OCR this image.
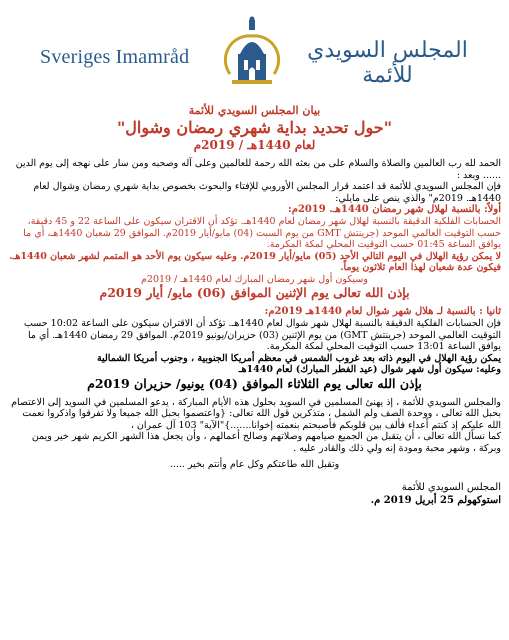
Sveriges Imamråd	المجلس السويدي للأئمة
بيان المجلس السويدي للأئمة
"حول تحديد بداية شهري رمضان وشوال"
لعام 1440هـ / 2019م
الحمد لله رب العالمين والصلاة والسلام على من بعثه الله رحمة للعالمين وعلى آله وصحبه ومن سار على نهجه إلى يوم الدين ...... وبعد :
فإن المجلس السويدي للأئمة قد اعتمد قرار المجلس الأوروبي للإفتاء والبحوث بخصوص بداية شهري رمضان وشوال لعام 1440هـ. 2019م" والذي ينص على مايلي:
أولاً: بالنسبة لهلال شهر رمضان 1440هـ. 2019م:
الحسابات الفلكية الدقيقة بالنسبة لهلال شهر رمضان لعام 1440هـ. تؤكد أن الاقتران سيكون على الساعة 22 و 45 دقيقة، حسب التوقيت العالمي الموحد (جرينتش GMT من يوم السبت (04) مايو/أيار 2019م. الموافق 29 شعبان 1440هـ، أي ما يوافق الساعة 01:45 حسب التوقيت المحلي لمكة المكرمة.
لا يمكن رؤية الهلال في اليوم التالي الأحد (05) مايو/أيار 2019م. وعليه سيكون يوم الأحد هو المتمم لشهر شعبان 1440هـ. فيكون عدة شعبان لهذا العام ثلاثون يوماً.
وسيكون أول شهر رمضان المبارك لعام 1440هـ / 2019م
بإذن الله تعالى يوم الإثنين الموافق (06) مايو/ أيار 2019م
ثانيا : بالنسبة لـ هلال شهر شوال لعام 1440هـ 2019م:
فإن الحسابات الفلكية الدقيقة بالنسبة لهلال شهر شوال لعام 1440هـ. تؤكد أن الاقتران سيكون على الساعة 10:02 حسب التوقيت العالمي الموحد (جرينتش GMT) من يوم الإثنين (03) حزيران/يونيو 2019م. الموافق 29 رمضان 1440هـ. أي ما يوافق الساعة 13:01 حسب التوقيت المحلي لمكة المكرمة.
يمكن رؤية الهلال في اليوم ذاته بعد غروب الشمس في معظم أمريكا الجنوبية ، وجنوب أمريكا الشمالية
وعليه: سيكون أول شهر شوال (عيد الفطر المبارك) لعام 1440هـ
بإذن الله تعالى يوم الثلاثاء الموافق (04) يونيو/ حزيران 2019م
والمجلس السويدي للأئمة ، إذ يهنئ المسلمين في السويد بحلول هذه الأيام المباركة ، يدعو المسلمين في السويد إلى الاعتصام بحبل الله تعالى ، ووحدة الصف ولم الشمل ، متذكرين قول الله تعالى: {واعتصموا بحبل الله جميعا ولا تفرقوا واذكروا نعمت الله عليكم إذ كنتم أعداء فألف بين قلوبكم فأصبحتم بنعمته إخوانا.......}"الآية" 103 آل عمران ،
كما نسأل الله تعالى ، أن يتقبل من الجميع صيامهم وصلاتهم وصالح أعمالهم ، وأن يجعل هذا الشهر الكريم شهر خير ويمن وبركة ، وشهر محبة ومودة إنه ولي ذلك والقادر عليه .
وتقبل الله طاعتكم وكل عام وأنتم بخير .....
المجلس السويدي للأئمة
استوكهولم 25 أبريل 2019 م.
